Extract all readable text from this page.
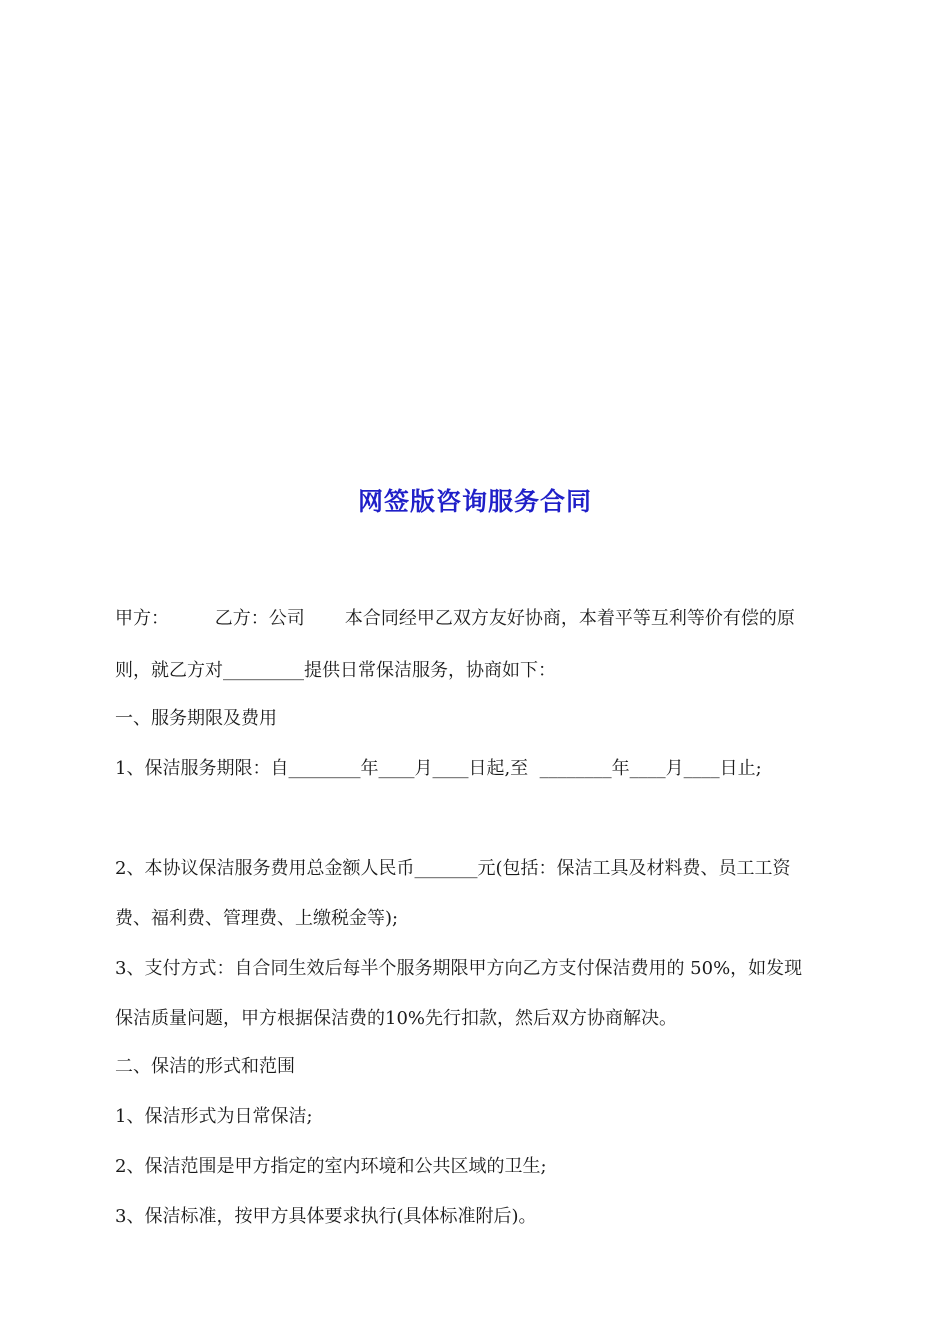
网签版咨询服务合同
甲方：        乙方：公司       本合同经甲乙双方友好协商，本着平等互利等价有偿的原
则，就乙方对_________提供日常保洁服务，协商如下：
一、服务期限及费用
1、保洁服务期限：自________年____月____日起,至  ________年____月____日止;
2、本协议保洁服务费用总金额人民币_______元(包括：保洁工具及材料费、员工工资
费、福利费、管理费、上缴税金等);
3、支付方式：自合同生效后每半个服务期限甲方向乙方支付保洁费用的 50%，如发现
保洁质量问题，甲方根据保洁费的10%先行扣款，然后双方协商解决。
二、保洁的形式和范围
1、保洁形式为日常保洁;
2、保洁范围是甲方指定的室内环境和公共区域的卫生;
3、保洁标准，按甲方具体要求执行(具体标准附后)。
